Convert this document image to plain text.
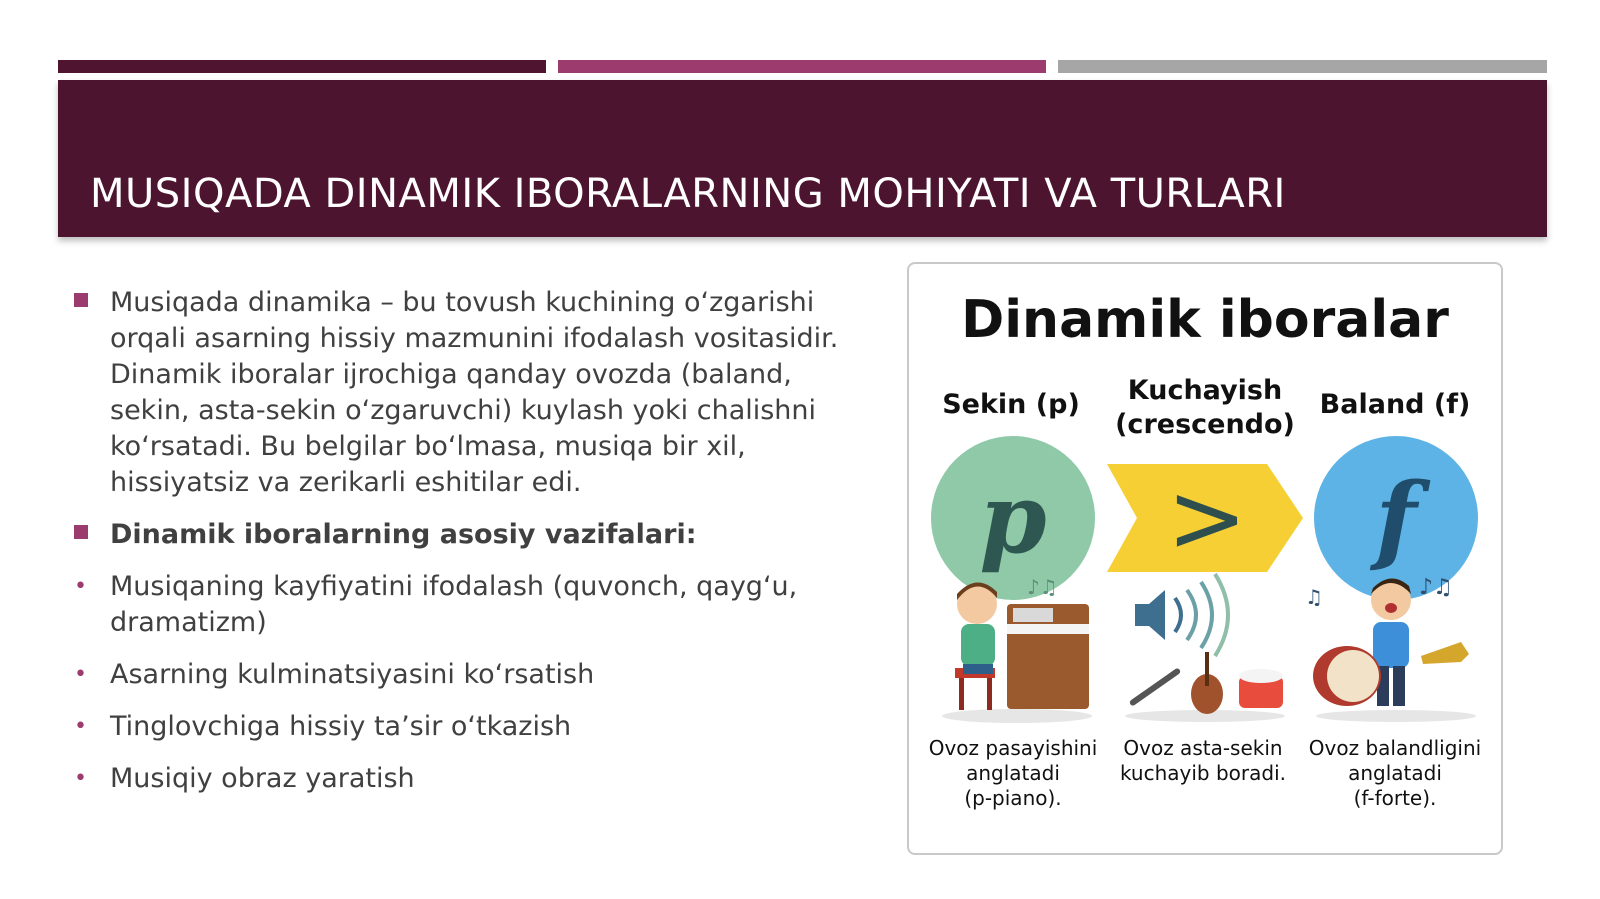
MUSIQADA DINAMIK IBORALARNING MOHIYATI VA TURLARI
Musiqada dinamika – bu tovush kuchining o‘zgarishi orqali asarning hissiy mazmunini ifodalash vositasidir. Dinamik iboralar ijrochiga qanday ovozda (baland, sekin, asta-sekin o‘zgaruvchi) kuylash yoki chalishni ko‘rsatadi. Bu belgilar bo‘lmasa, musiqa bir xil, hissiyatsiz va zerikarli eshitilar edi.
Dinamik iboralarning asosiy vazifalari:
• Musiqaning kayfiyatini ifodalash (quvonch, qayg‘u, dramatizm)
• Asarning kulminatsiyasini ko‘rsatish
• Tinglovchiga hissiy ta’sir o‘tkazish
• Musiqiy obraz yaratish
Dinamik iboralar
Sekin (p)	Kuchayish
(crescendo)
Baland (f)
p > f
♪♫	♪♫
♫
Ovoz pasayishini
anglatadi
(p-piano).
Ovoz asta-sekin
kuchayib boradi.
Ovoz balandligini
anglatadi
(f-forte).
